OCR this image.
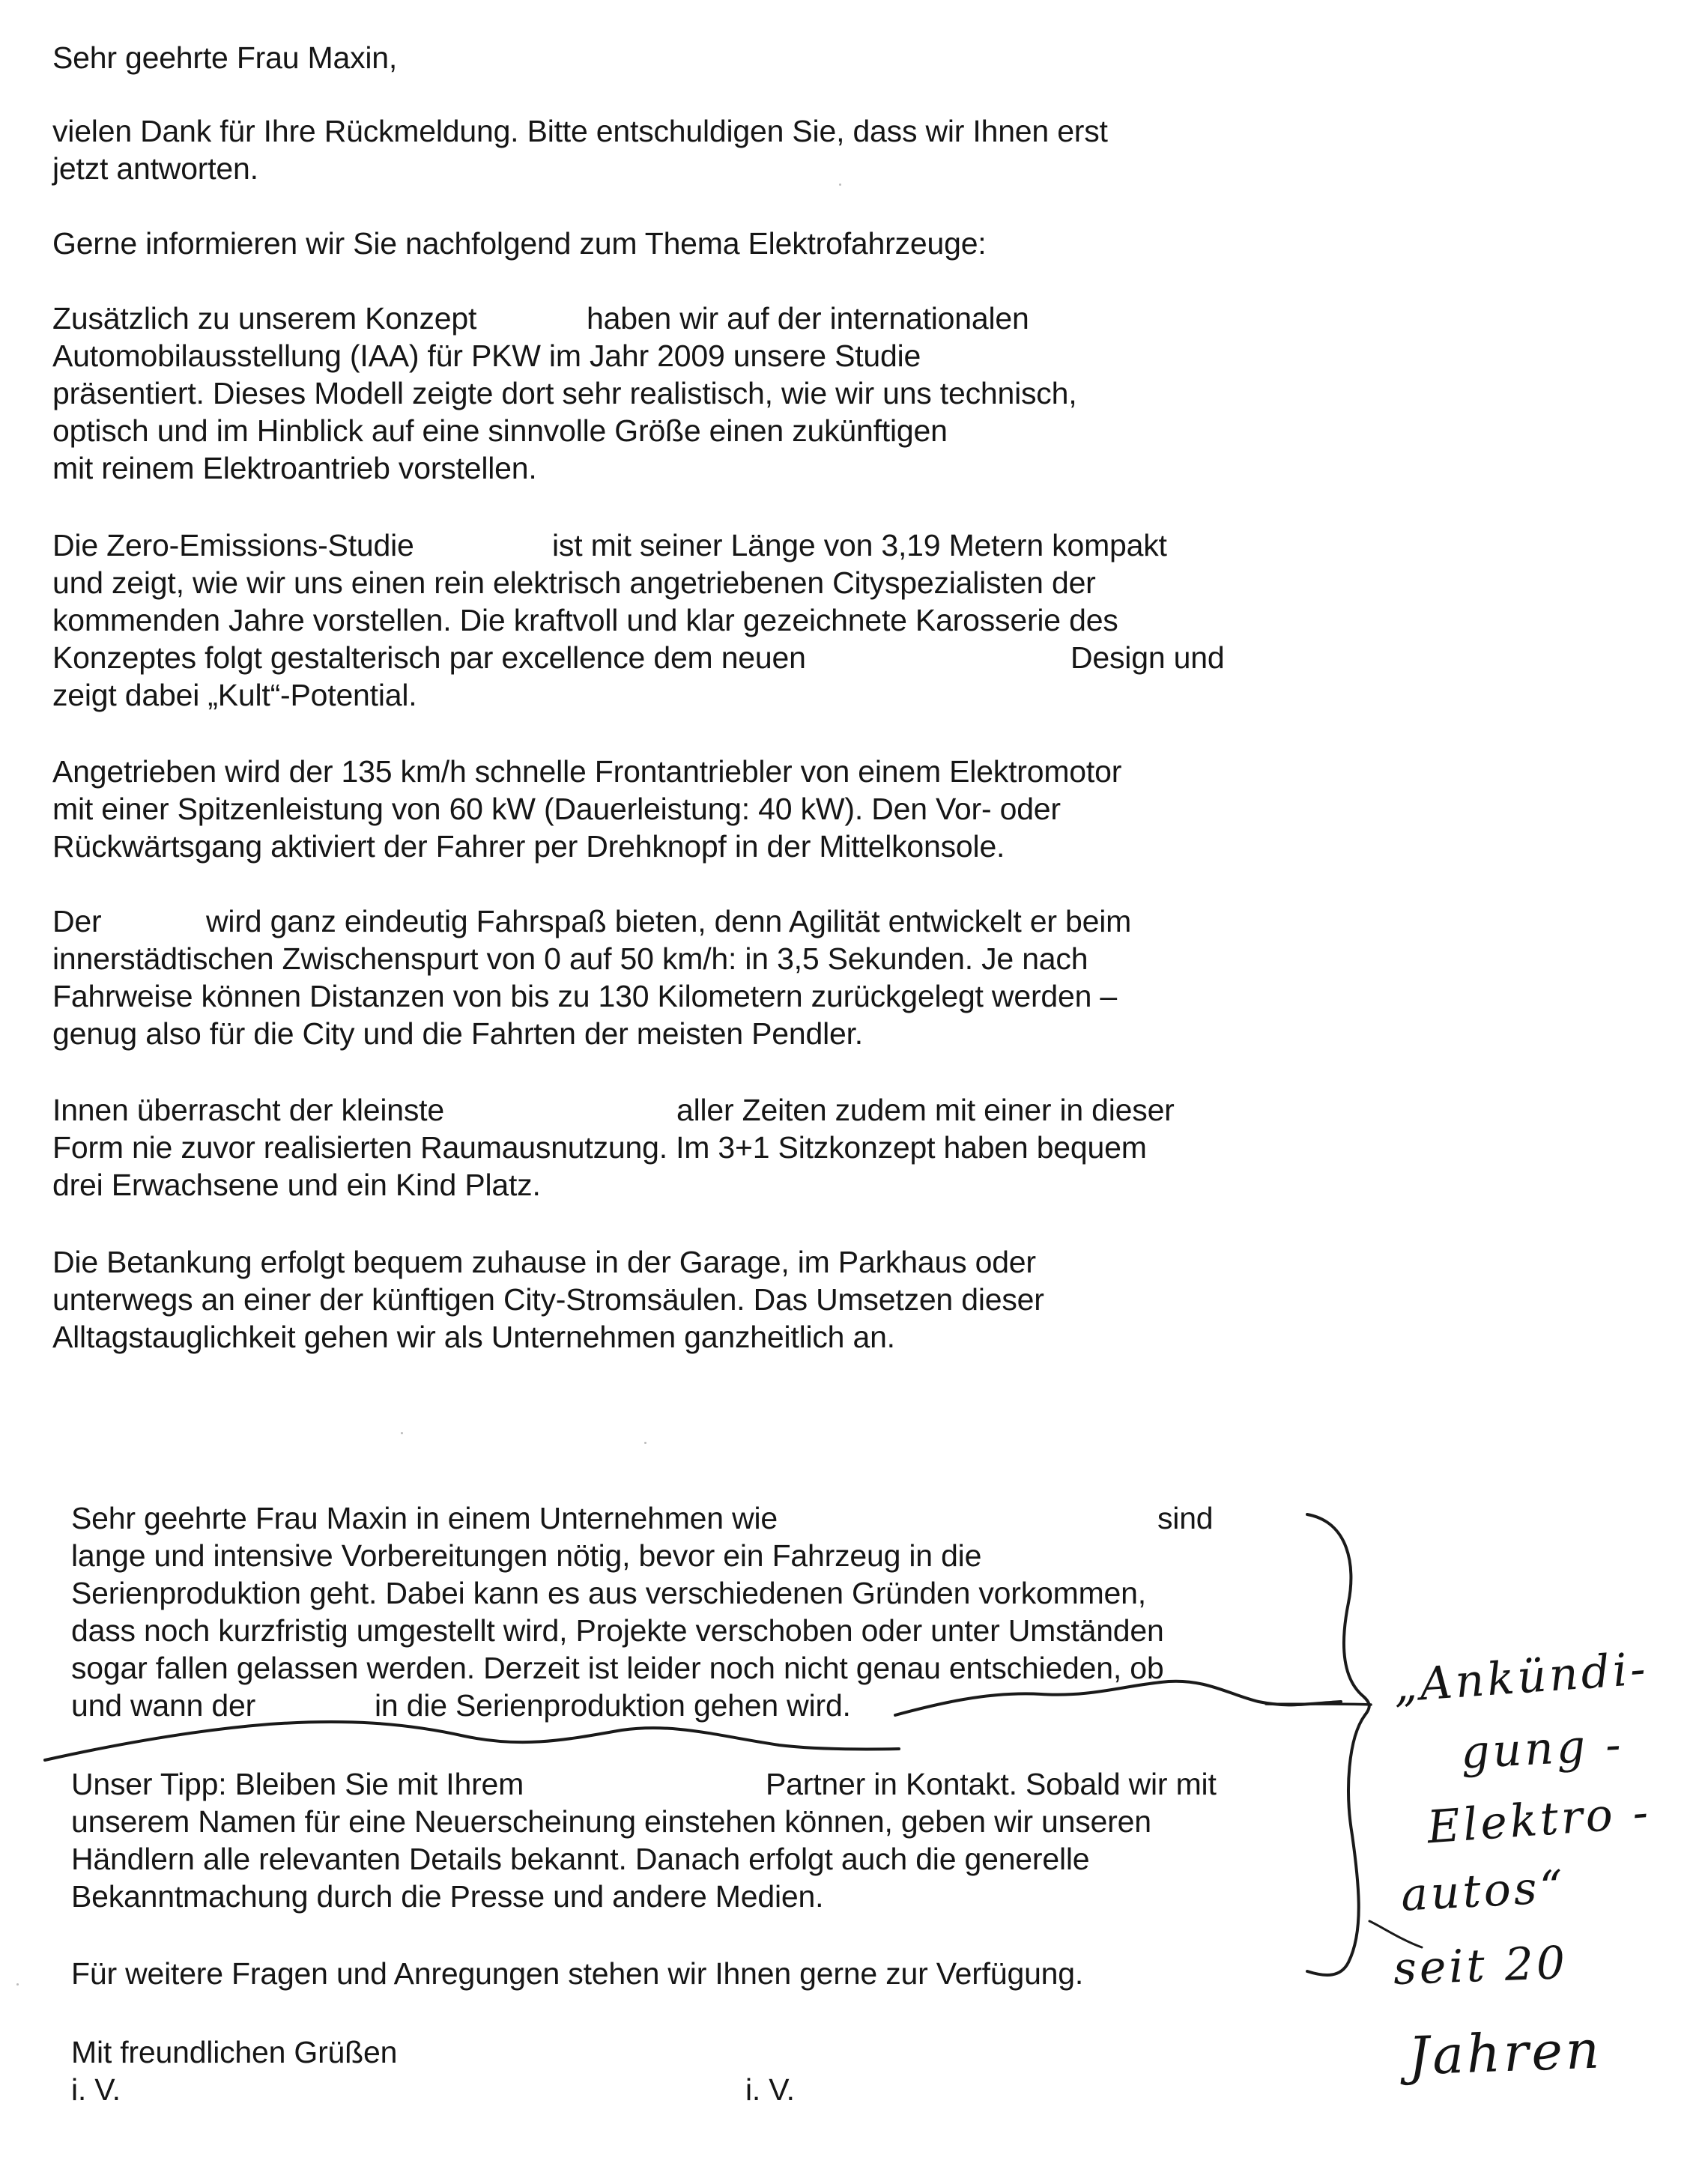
Sehr geehrte Frau Maxin,
vielen Dank für Ihre Rückmeldung. Bitte entschuldigen Sie, dass wir Ihnen erst
jetzt antworten.
Gerne informieren wir Sie nachfolgend zum Thema Elektrofahrzeuge:
Zusätzlich zu unserem Konzept	haben wir auf der internationalen
Automobilausstellung (IAA) für PKW im Jahr 2009 unsere Studie
präsentiert. Dieses Modell zeigte dort sehr realistisch, wie wir uns technisch,
optisch und im Hinblick auf eine sinnvolle Größe einen zukünftigen
mit reinem Elektroantrieb vorstellen.
Die Zero-Emissions-Studie	ist mit seiner Länge von 3,19 Metern kompakt
und zeigt, wie wir uns einen rein elektrisch angetriebenen Cityspezialisten der
kommenden Jahre vorstellen. Die kraftvoll und klar gezeichnete Karosserie des
Konzeptes folgt gestalterisch par excellence dem neuen	Design und
zeigt dabei „Kult“-Potential.
Angetrieben wird der 135 km/h schnelle Frontantriebler von einem Elektromotor
mit einer Spitzenleistung von 60 kW (Dauerleistung: 40 kW). Den Vor- oder
Rückwärtsgang aktiviert der Fahrer per Drehknopf in der Mittelkonsole.
Der	wird ganz eindeutig Fahrspaß bieten, denn Agilität entwickelt er beim
innerstädtischen Zwischenspurt von 0 auf 50 km/h: in 3,5 Sekunden. Je nach
Fahrweise können Distanzen von bis zu 130 Kilometern zurückgelegt werden –
genug also für die City und die Fahrten der meisten Pendler.
Innen überrascht der kleinste	aller Zeiten zudem mit einer in dieser
Form nie zuvor realisierten Raumausnutzung. Im 3+1 Sitzkonzept haben bequem
drei Erwachsene und ein Kind Platz.
Die Betankung erfolgt bequem zuhause in der Garage, im Parkhaus oder
unterwegs an einer der künftigen City-Stromsäulen. Das Umsetzen dieser
Alltagstauglichkeit gehen wir als Unternehmen ganzheitlich an.
Sehr geehrte Frau Maxin in einem Unternehmen wie	sind
lange und intensive Vorbereitungen nötig, bevor ein Fahrzeug in die
Serienproduktion geht. Dabei kann es aus verschiedenen Gründen vorkommen,
dass noch kurzfristig umgestellt wird, Projekte verschoben oder unter Umständen
sogar fallen gelassen werden. Derzeit ist leider noch nicht genau entschieden, ob
und wann der	in die Serienproduktion gehen wird.
Unser Tipp: Bleiben Sie mit Ihrem	Partner in Kontakt. Sobald wir mit
unserem Namen für eine Neuerscheinung einstehen können, geben wir unseren
Händlern alle relevanten Details bekannt. Danach erfolgt auch die generelle
Bekanntmachung durch die Presse und andere Medien.
Für weitere Fragen und Anregungen stehen wir Ihnen gerne zur Verfügung.
Mit freundlichen Grüßen
i. V.	i. V.
„Ankündi-
gung -
Elektro -
autos“
seit 20
Jahren
